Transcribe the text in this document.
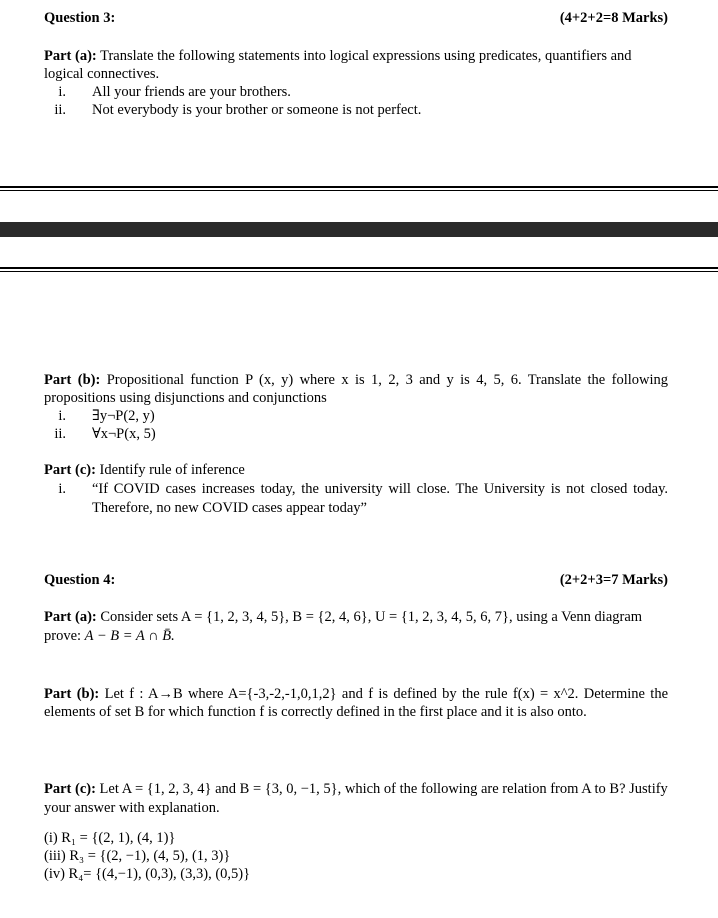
Question 3:	(4+2+2=8 Marks)
Part (a): Translate the following statements into logical expressions using predicates, quantifiers and logical connectives.
i. All your friends are your brothers.
ii. Not everybody is your brother or someone is not perfect.
Part (b): Propositional function P (x, y) where x is 1, 2, 3 and y is 4, 5, 6. Translate the following propositions using disjunctions and conjunctions
i. ∃y¬P(2, y)
ii. ∀x¬P(x, 5)
Part (c): Identify rule of inference
i. “If COVID cases increases today, the university will close. The University is not closed today. Therefore, no new COVID cases appear today”
Question 4:	(2+2+3=7 Marks)
Part (a): Consider sets A = {1, 2, 3, 4, 5}, B = {2, 4, 6}, U = {1, 2, 3, 4, 5, 6, 7}, using a Venn diagram prove: A − B = A ∩ B̄.
Part (b): Let f : A→B where A={-3,-2,-1,0,1,2} and f is defined by the rule f(x) = x^2. Determine the elements of set B for which function f is correctly defined in the first place and it is also onto.
Part (c): Let A = {1, 2, 3, 4} and B = {3, 0, −1, 5}, which of the following are relation from A to B? Justify your answer with explanation.
(i) R₁ = {(2, 1), (4, 1)}
(iii) R₃ = {(2, −1), (4, 5), (1, 3)}
(iv) R₄= {(4,−1), (0,3), (3,3), (0,5)}
